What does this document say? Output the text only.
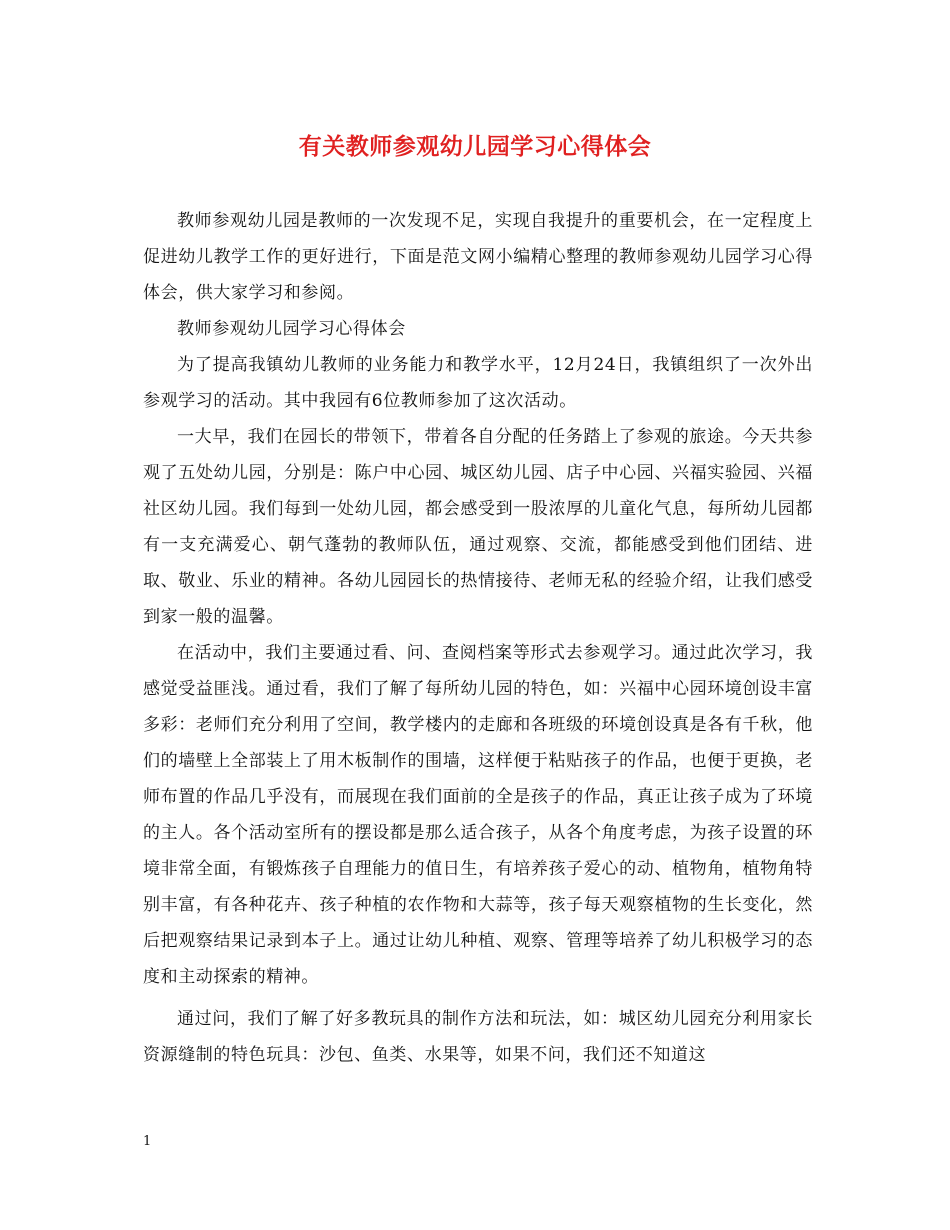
有关教师参观幼儿园学习心得体会

教师参观幼儿园是教师的一次发现不足，实现自我提升的重要机会，在一定程度上促进幼儿教学工作的更好进行，下面是范文网小编精心整理的教师参观幼儿园学习心得体会，供大家学习和参阅。

教师参观幼儿园学习心得体会

为了提高我镇幼儿教师的业务能力和教学水平，12月24日，我镇组织了一次外出参观学习的活动。其中我园有6位教师参加了这次活动。

一大早，我们在园长的带领下，带着各自分配的任务踏上了参观的旅途。今天共参观了五处幼儿园，分别是：陈户中心园、城区幼儿园、店子中心园、兴福实验园、兴福社区幼儿园。我们每到一处幼儿园，都会感受到一股浓厚的儿童化气息，每所幼儿园都有一支充满爱心、朝气蓬勃的教师队伍，通过观察、交流，都能感受到他们团结、进取、敬业、乐业的精神。各幼儿园园长的热情接待、老师无私的经验介绍，让我们感受到家一般的温馨。

在活动中，我们主要通过看、问、查阅档案等形式去参观学习。通过此次学习，我感觉受益匪浅。通过看，我们了解了每所幼儿园的特色，如：兴福中心园环境创设丰富多彩：老师们充分利用了空间，教学楼内的走廊和各班级的环境创设真是各有千秋，他们的墙壁上全部装上了用木板制作的围墙，这样便于粘贴孩子的作品，也便于更换，老师布置的作品几乎没有，而展现在我们面前的全是孩子的作品，真正让孩子成为了环境的主人。各个活动室所有的摆设都是那么适合孩子，从各个角度考虑，为孩子设置的环境非常全面，有锻炼孩子自理能力的值日生，有培养孩子爱心的动、植物角，植物角特别丰富，有各种花卉、孩子种植的农作物和大蒜等，孩子每天观察植物的生长变化，然后把观察结果记录到本子上。通过让幼儿种植、观察、管理等培养了幼儿积极学习的态度和主动探索的精神。

通过问，我们了解了好多教玩具的制作方法和玩法，如：城区幼儿园充分利用家长资源缝制的特色玩具：沙包、鱼类、水果等，如果不问，我们还不知道这

1
